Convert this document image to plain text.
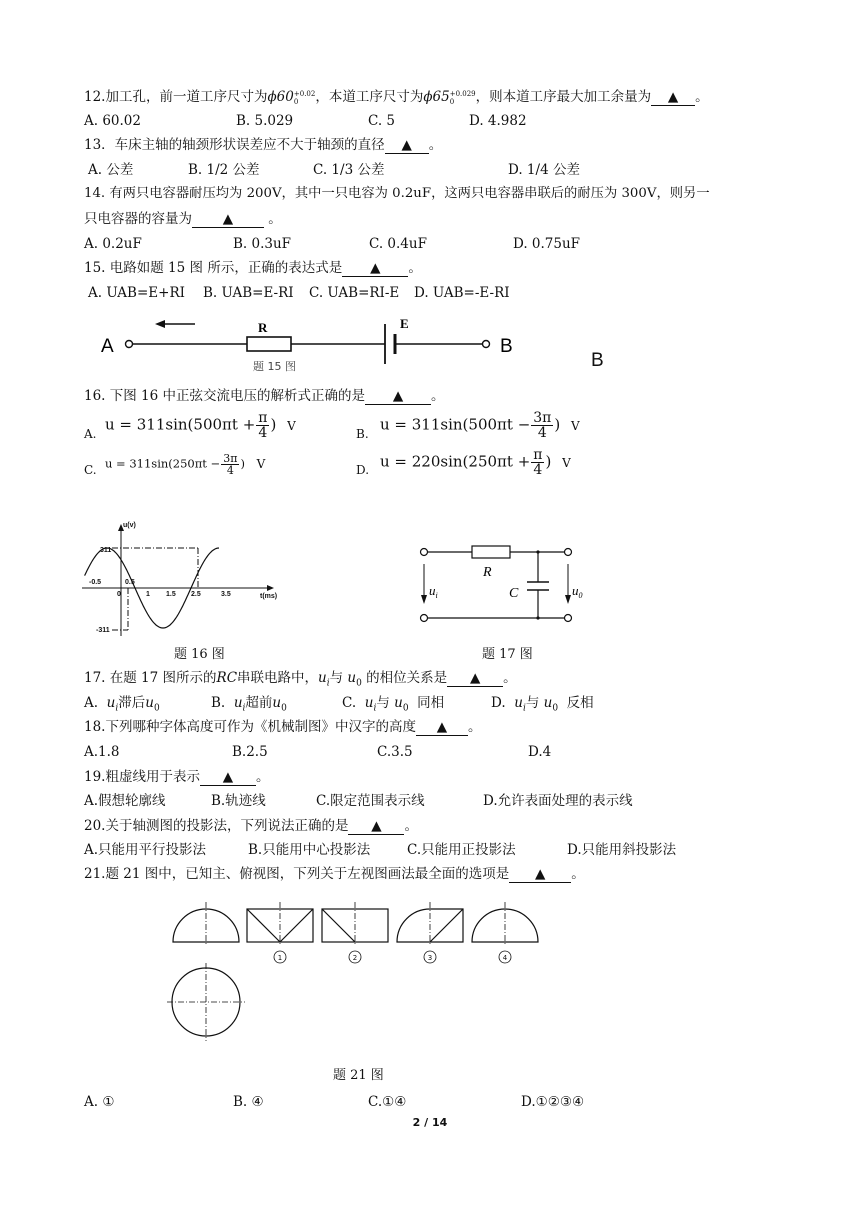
12.加工孔，前一道工序尺寸为ϕ60 +0.02
0	，本道工序尺寸为ϕ65 +0.029
0	，则本道工序最大加工余量为 ▲ 。
A. 60.02	B. 5.029	C. 5	D. 4.982
13．车床主轴的轴颈形状误差应不大于轴颈的直径 ▲ 。
A. 公差	B. 1/2 公差	C. 1/3 公差	D. 1/4 公差
14. 有两只电容器耐压均为 200V，其中一只电容为 0.2uF，这两只电容器串联后的耐压为 300V，则另一
只电容器的容量为 ▲ 。
A. 0.2uF	B. 0.3uF	C. 0.4uF	D. 0.75uF
15. 电路如题 15 图 所示，正确的表达式是 ▲ 。
A. UAB=E+RI B. UAB=E-RI C. UAB=RI-E D. UAB=-E-RI
A
R	E
B
题 15 图	B
16. 下图 16 中正弦交流电压的解析式正确的是 ▲ 。
A.
$u = 311\sin(500\pi t + \frac{\pi}{4}$ ) V
B.
$u = 311\sin(500\pi t - \frac{3\pi}{4}$ ) V
C. $u = 311\sin(250\pi t - \frac{3\pi}{4}$ ) V	D. $u = 220\sin(250\pi t + \frac{\pi}{4}$ ) V
u(v)
t(ms)
311
-311
-0.5	0.5
0	1 1.5 2.5	3.5
题 16 图
R
C
$u_i$	$u_0$
题 17 图
17. 在题 17 图所示的RC串联电路中，$u_i$与 $u_0$ 的相位关系是 ▲ 。
A. $u_i$滞后$u_0$	B. $u_i$超前$u_0$	C. $u_i$与 $u_0$ 同相	D. $u_i$与 $u_0$ 反相
18.下列哪种字体高度可作为《机械制图》中汉字的高度 ▲ 。
A.1.8	B.2.5	C.3.5	D.4
19.粗虚线用于表示 ▲ 。
A.假想轮廓线	B.轨迹线	C.限定范围表示线	D.允许表面处理的表示线
20.关于轴测图的投影法，下列说法正确的是 ▲ 。
A.只能用平行投影法	B.只能用中心投影法	C.只能用正投影法	D.只能用斜投影法
21.题 21 图中，已知主、俯视图，下列关于左视图画法最全面的选项是 ▲ 。
1	2	3	4
题 21 图
A. ①	B. ④	C.①④	D.①②③④
2 / 14
